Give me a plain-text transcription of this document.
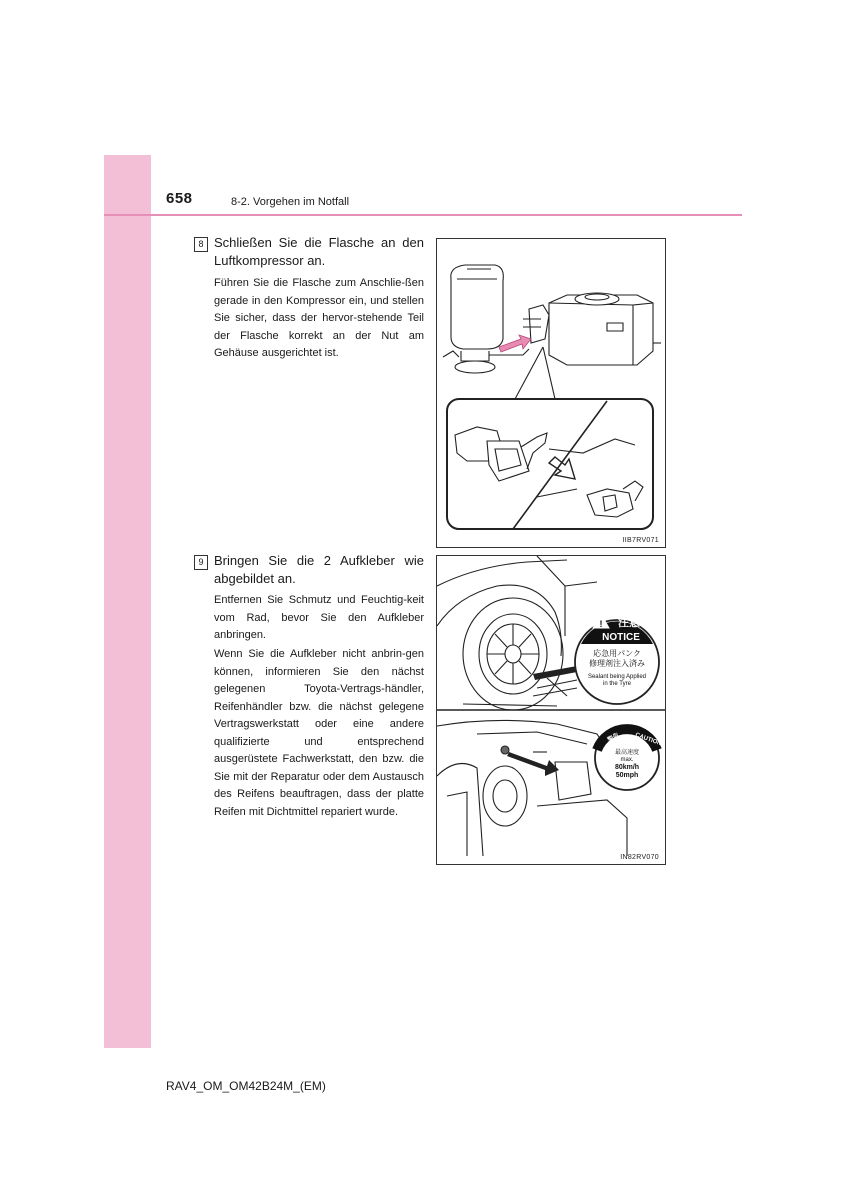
658	8-2. Vorgehen im Notfall
8 Schließen Sie die Flasche an den Luftkompressor an.
Führen Sie die Flasche zum Anschlie-ßen gerade in den Kompressor ein, und stellen Sie sicher, dass der hervor-stehende Teil der Flasche korrekt an der Nut am Gehäuse ausgerichtet ist.
IIB7RV071
9 Bringen Sie die 2 Aufkleber wie abgebildet an.
Entfernen Sie Schmutz und Feuchtig-keit vom Rad, bevor Sie den Aufkleber anbringen.
Wenn Sie die Aufkleber nicht anbrin-gen können, informieren Sie den nächst gelegenen Toyota-Vertrags-händler, Reifenhändler bzw. die nächst gelegene Vertragswerkstatt oder eine andere qualifizierte und entsprechend ausgerüstete Fachwerkstatt, den bzw. die Sie mit der Reparatur oder dem Austausch des Reifens beauftragen, dass der platte Reifen mit Dichtmittel repariert wurde.
! 注意
NOTICE
応急用パンク
修理剤注入済み
Sealant being Applied
in the Tyre
警告 CAUTION
最高速度
max.
80km/h
50mph
IN82RV070
RAV4_OM_OM42B24M_(EM)
